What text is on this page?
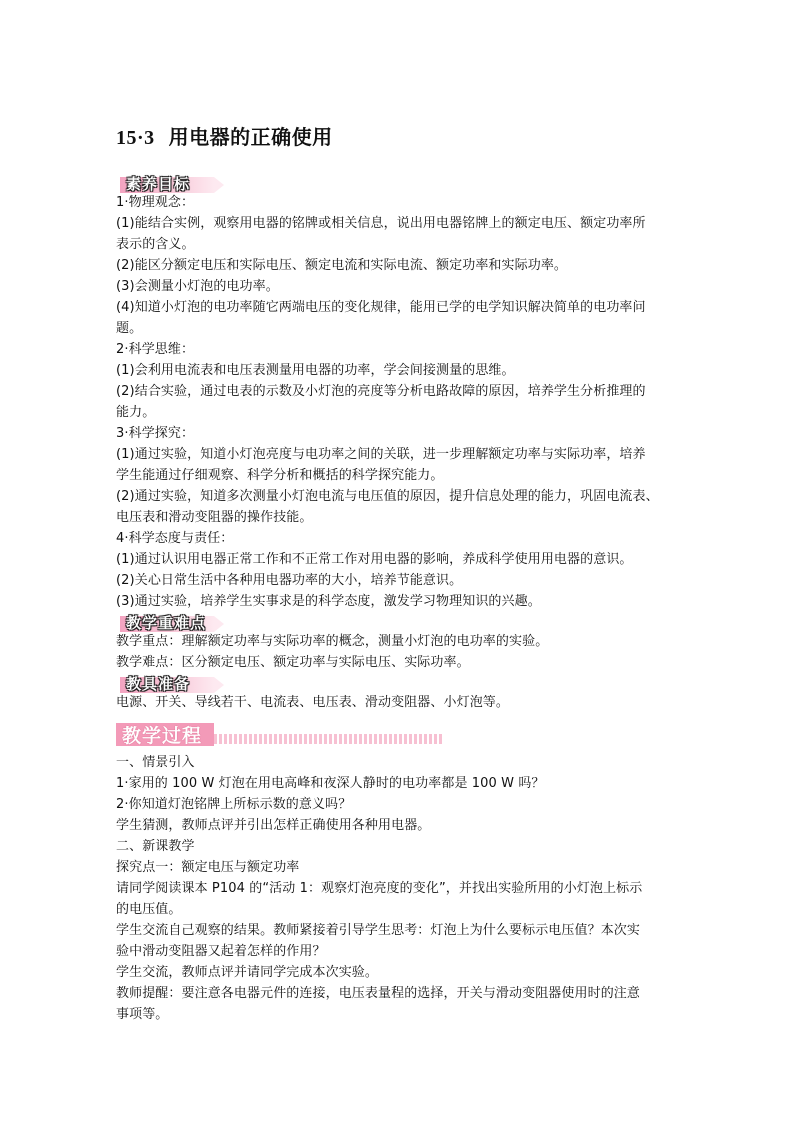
15·3 用电器的正确使用
素养目标
1·物理观念：
(1)能结合实例，观察用电器的铭牌或相关信息，说出用电器铭牌上的额定电压、额定功率所
表示的含义。
(2)能区分额定电压和实际电压、额定电流和实际电流、额定功率和实际功率。
(3)会测量小灯泡的电功率。
(4)知道小灯泡的电功率随它两端电压的变化规律，能用已学的电学知识解决简单的电功率问
题。
2·科学思维：
(1)会利用电流表和电压表测量用电器的功率，学会间接测量的思维。
(2)结合实验，通过电表的示数及小灯泡的亮度等分析电路故障的原因，培养学生分析推理的
能力。
3·科学探究：
(1)通过实验，知道小灯泡亮度与电功率之间的关联，进一步理解额定功率与实际功率，培养
学生能通过仔细观察、科学分析和概括的科学探究能力。
(2)通过实验，知道多次测量小灯泡电流与电压值的原因，提升信息处理的能力，巩固电流表、
电压表和滑动变阻器的操作技能。
4·科学态度与责任：
(1)通过认识用电器正常工作和不正常工作对用电器的影响，养成科学使用用电器的意识。
(2)关心日常生活中各种用电器功率的大小，培养节能意识。
(3)通过实验，培养学生实事求是的科学态度，激发学习物理知识的兴趣。
教学重难点
教学重点：理解额定功率与实际功率的概念，测量小灯泡的电功率的实验。
教学难点：区分额定电压、额定功率与实际电压、实际功率。
教具准备
电源、开关、导线若干、电流表、电压表、滑动变阻器、小灯泡等。
教学过程
一、情景引入
1·家用的 100 W 灯泡在用电高峰和夜深人静时的电功率都是 100 W 吗？
2·你知道灯泡铭牌上所标示数的意义吗？
学生猜测，教师点评并引出怎样正确使用各种用电器。
二、新课教学
探究点一：额定电压与额定功率
请同学阅读课本 P104 的“活动 1：观察灯泡亮度的变化”，并找出实验所用的小灯泡上标示
的电压值。
学生交流自己观察的结果。教师紧接着引导学生思考：灯泡上为什么要标示电压值？本次实
验中滑动变阻器又起着怎样的作用？
学生交流，教师点评并请同学完成本次实验。
教师提醒：要注意各电器元件的连接，电压表量程的选择，开关与滑动变阻器使用时的注意
事项等。
